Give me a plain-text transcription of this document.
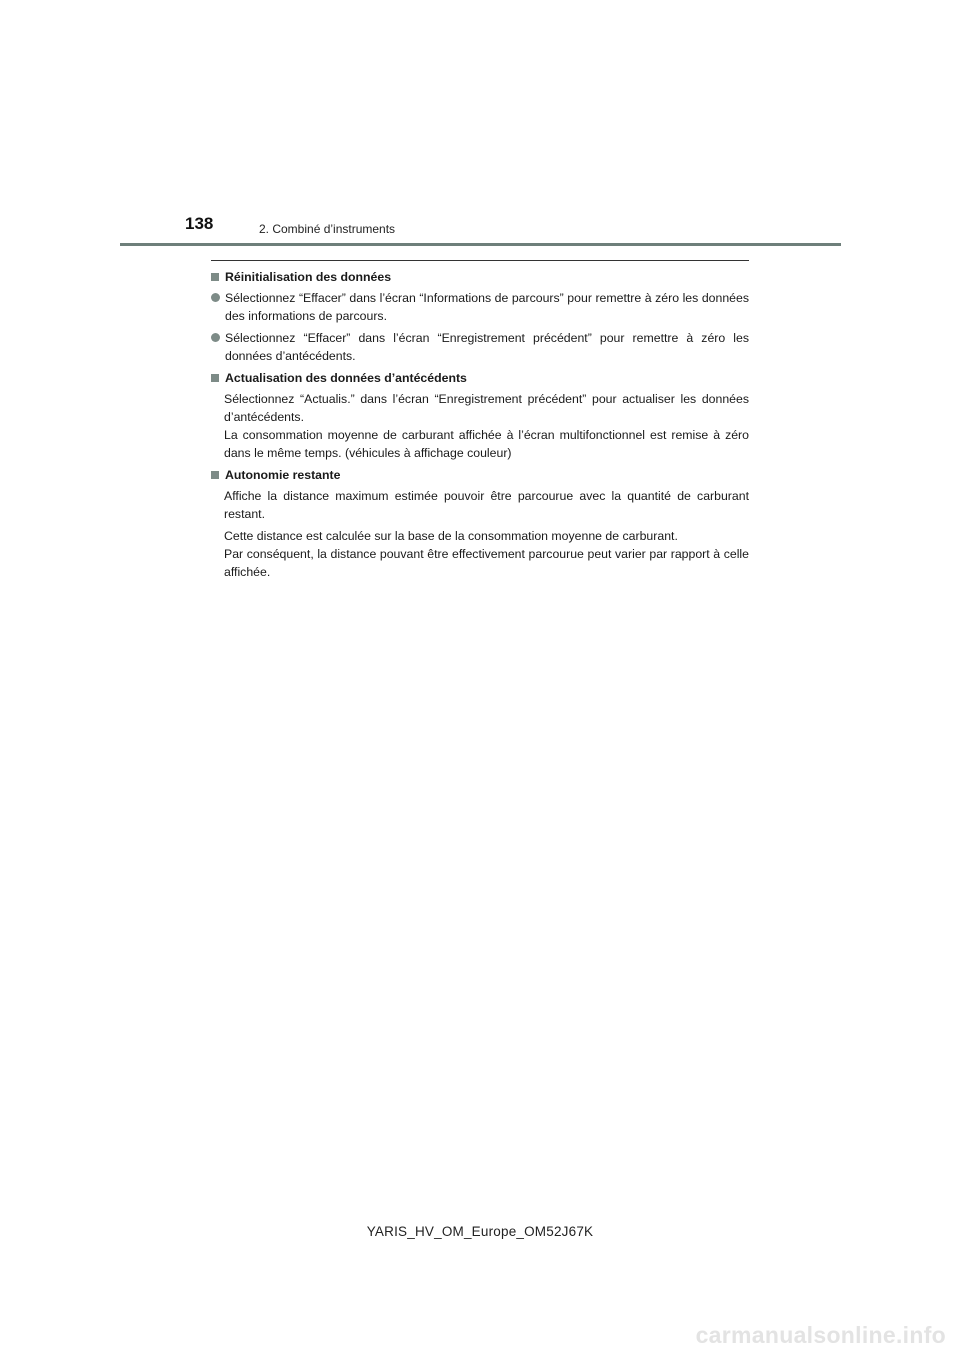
138	2. Combiné d’instruments
Réinitialisation des données
Sélectionnez “Effacer” dans l’écran “Informations de parcours” pour remettre à zéro les données des informations de parcours.
Sélectionnez “Effacer” dans l’écran “Enregistrement précédent” pour remettre à zéro les données d’antécédents.
Actualisation des données d’antécédents
Sélectionnez “Actualis.” dans l’écran “Enregistrement précédent” pour actualiser les données d’antécédents.
La consommation moyenne de carburant affichée à l’écran multifonctionnel est remise à zéro dans le même temps. (véhicules à affichage couleur)
Autonomie restante
Affiche la distance maximum estimée pouvoir être parcourue avec la quantité de carburant restant.
Cette distance est calculée sur la base de la consommation moyenne de carburant.
Par conséquent, la distance pouvant être effectivement parcourue peut varier par rapport à celle affichée.
YARIS_HV_OM_Europe_OM52J67K
carmanualsonline.info
